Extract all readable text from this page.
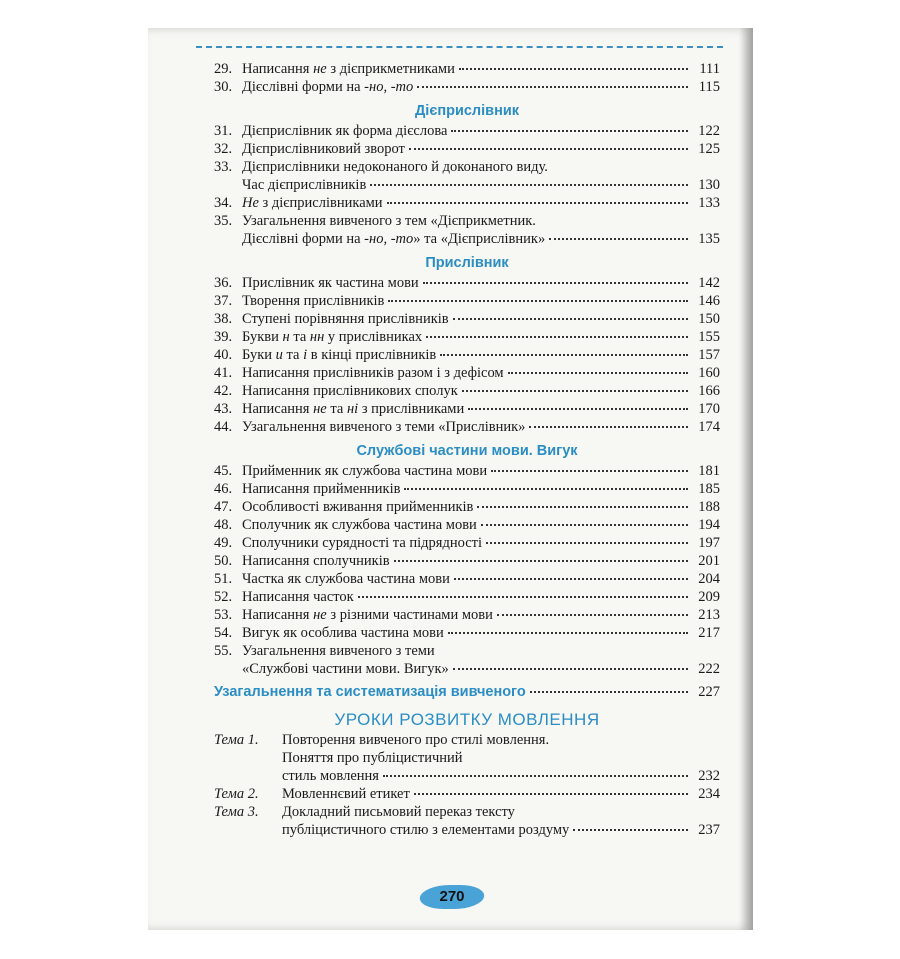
29. Написання не з дієприкметниками	111
30. Дієслівні форми на -но, -то	115
Дієприслівник
31. Дієприслівник як форма дієслова	122
32. Дієприслівниковий зворот	125
33. Дієприслівники недоконаного й доконаного виду.
Час дієприслівників	130
34. Не з дієприслівниками	133
35. Узагальнення вивченого з тем «Дієприкметник.
Дієслівні форми на -но, -то» та «Дієприслівник»	135
Прислівник
36. Прислівник як частина мови	142
37. Творення прислівників	146
38. Ступені порівняння прислівників	150
39. Букви н та нн у прислівниках	155
40. Буки и та і в кінці прислівників	157
41. Написання прислівників разом і з дефісом	160
42. Написання прислівникових сполук	166
43. Написання не та ні з прислівниками	170
44. Узагальнення вивченого з теми «Прислівник»	174
Службові частини мови. Вигук
45. Прийменник як службова частина мови	181
46. Написання прийменників	185
47. Особливості вживання прийменників	188
48. Сполучник як службова частина мови	194
49. Сполучники сурядності та підрядності	197
50. Написання сполучників	201
51. Частка як службова частина мови	204
52. Написання часток	209
53. Написання не з різними частинами мови	213
54. Вигук як особлива частина мови	217
55. Узагальнення вивченого з теми
«Службові частини мови. Вигук»	222
Узагальнення та систематизація вивченого	227
УРОКИ РОЗВИТКУ МОВЛЕННЯ
Тема 1.	Повторення вивченого про стилі мовлення.
Поняття про публіцистичний
стиль мовлення	232
Тема 2.	Мовленнєвий етикет	234
Тема 3.	Докладний письмовий переказ тексту
публіцистичного стилю з елементами роздуму	237
270
